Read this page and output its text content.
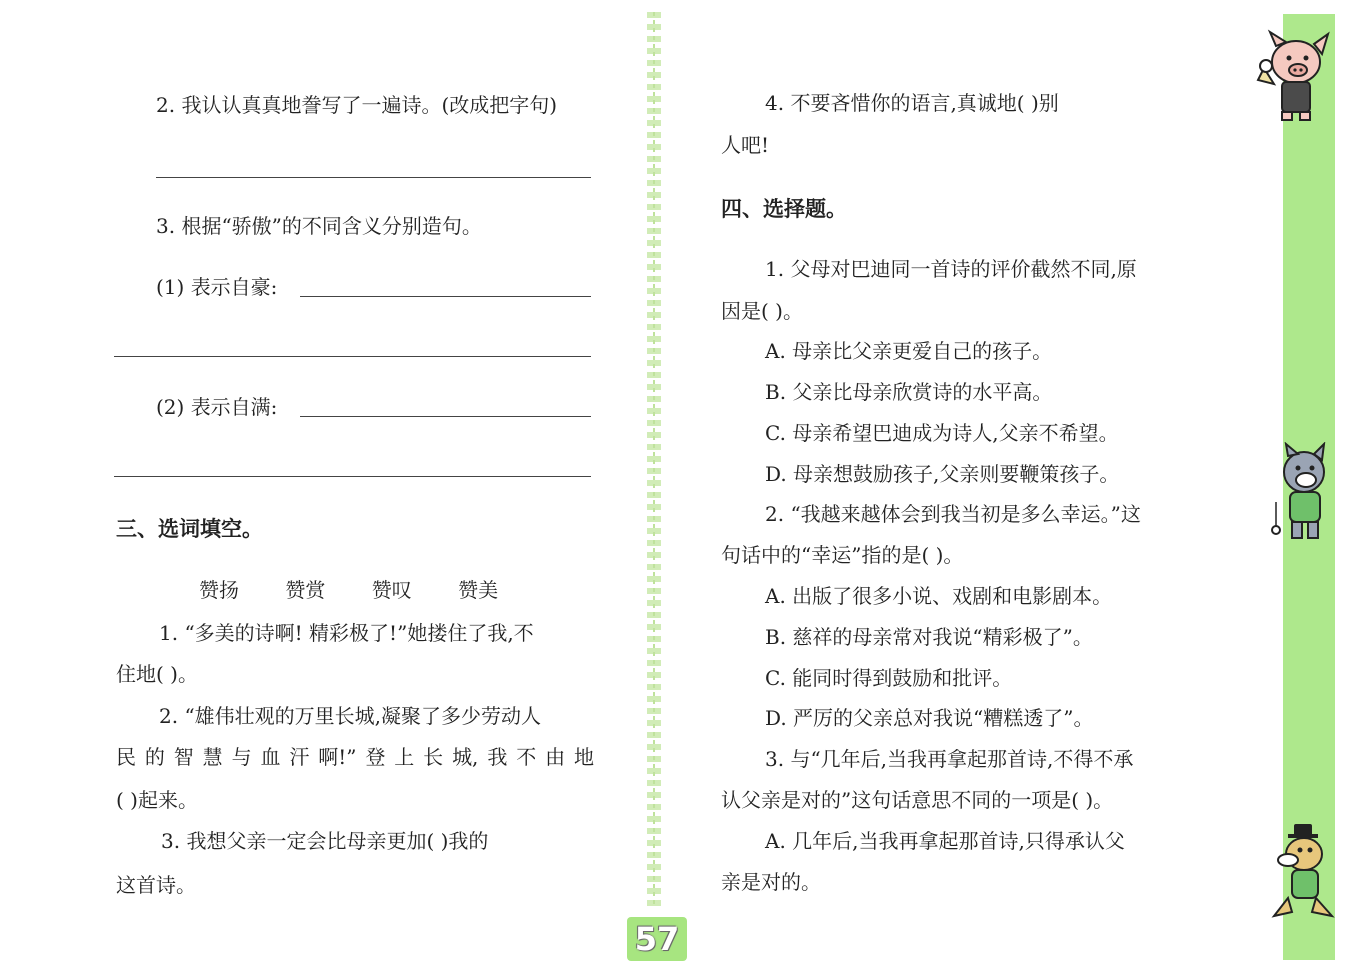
2. 我认认真真地誊写了一遍诗。(改成把字句)
3. 根据“骄傲”的不同含义分别造句。
(1) 表示自豪:
(2) 表示自满:
三、选词填空。
赞扬 赞赏 赞叹 赞美
1. “多美的诗啊! 精彩极了!”她搂住了我,不
住地( )。
2. “雄伟壮观的万里长城,凝聚了多少劳动人
民 的 智 慧 与 血 汗 啊!” 登 上 长 城, 我 不 由 地
( )起来。
3. 我想父亲一定会比母亲更加( )我的
这首诗。
4. 不要吝惜你的语言,真诚地( )别
人吧!
四、选择题。
1. 父母对巴迪同一首诗的评价截然不同,原
因是( )。
A. 母亲比父亲更爱自己的孩子。
B. 父亲比母亲欣赏诗的水平高。
C. 母亲希望巴迪成为诗人,父亲不希望。
D. 母亲想鼓励孩子,父亲则要鞭策孩子。
2. “我越来越体会到我当初是多么幸运。”这
句话中的“幸运”指的是( )。
A. 出版了很多小说、戏剧和电影剧本。
B. 慈祥的母亲常对我说“精彩极了”。
C. 能同时得到鼓励和批评。
D. 严厉的父亲总对我说“糟糕透了”。
3. 与“几年后,当我再拿起那首诗,不得不承
认父亲是对的”这句话意思不同的一项是( )。
A. 几年后,当我再拿起那首诗,只得承认父
亲是对的。
57
